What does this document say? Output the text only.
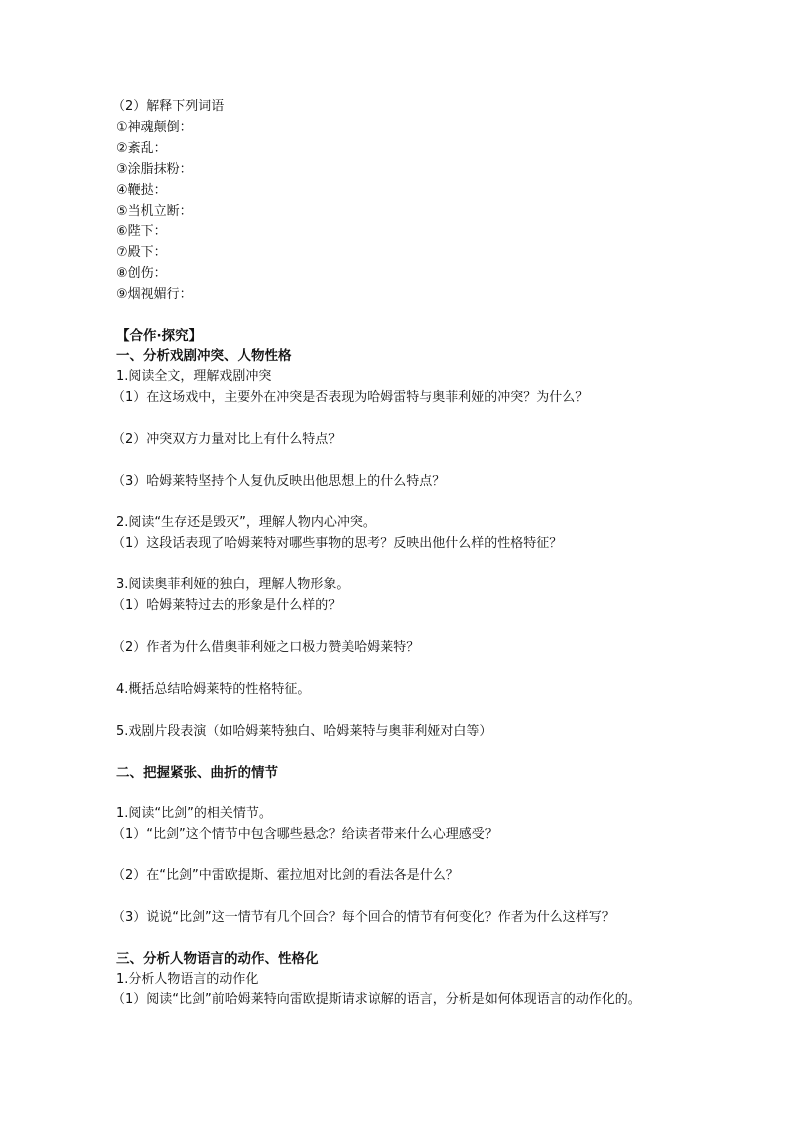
（2）解释下列词语
①神魂颠倒：
②紊乱：
③涂脂抹粉：
④鞭挞：
⑤当机立断：
⑥陛下：
⑦殿下：
⑧创伤：
⑨烟视媚行：
【合作·探究】
一、分析戏剧冲突、人物性格
1.阅读全文，理解戏剧冲突
（1）在这场戏中，主要外在冲突是否表现为哈姆雷特与奥菲利娅的冲突？为什么？
（2）冲突双方力量对比上有什么特点？
（3）哈姆莱特坚持个人复仇反映出他思想上的什么特点？
2.阅读“生存还是毁灭”，理解人物内心冲突。
（1）这段话表现了哈姆莱特对哪些事物的思考？反映出他什么样的性格特征？
3.阅读奥菲利娅的独白，理解人物形象。
（1）哈姆莱特过去的形象是什么样的？
（2）作者为什么借奥菲利娅之口极力赞美哈姆莱特？
4.概括总结哈姆莱特的性格特征。
5.戏剧片段表演（如哈姆莱特独白、哈姆莱特与奥菲利娅对白等）
二、把握紧张、曲折的情节
1.阅读“比剑”的相关情节。
（1）“比剑”这个情节中包含哪些悬念？给读者带来什么心理感受？
（2）在“比剑”中雷欧提斯、霍拉旭对比剑的看法各是什么？
（3）说说“比剑”这一情节有几个回合？每个回合的情节有何变化？作者为什么这样写？
三、分析人物语言的动作、性格化
1.分析人物语言的动作化
（1）阅读“比剑”前哈姆莱特向雷欧提斯请求谅解的语言，分析是如何体现语言的动作化的。
